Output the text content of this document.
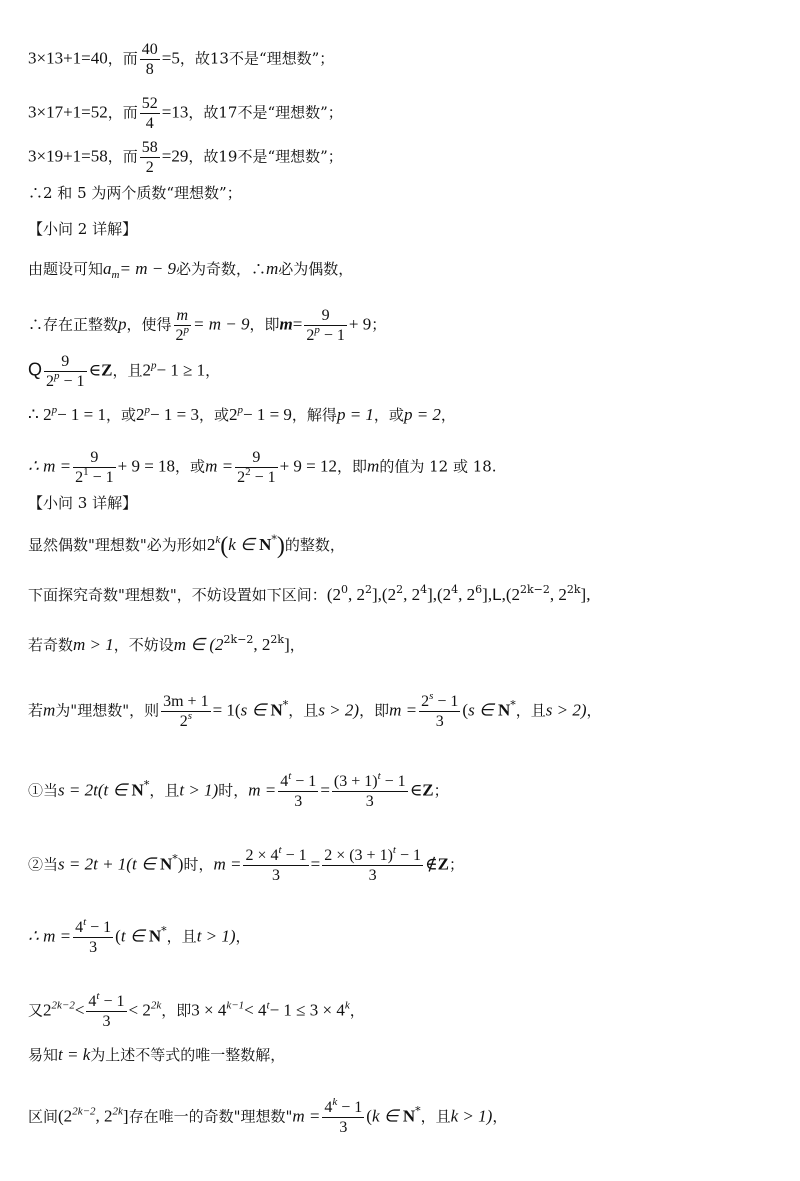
3×13+1=40，而 $\frac{40}{8} =5$，故13不是“理想数”；
3×17+1=52，而 $\frac{52}{4} =13$，故17不是“理想数”；
3×19+1=58，而 $\frac{58}{2} =29$，故19不是“理想数”；
∴2 和 5 为两个质数“理想数”；
【小问 2 详解】
由题设可知$a_m= m - 9$必为奇数，∴m必为偶数，
∴存在正整数p，使得 $\frac{m}{2^p} = m - 9$，即$m= \frac{9}{2^p - 1} + 9$；
Q $\frac{9}{2^p - 1}$ ∈Z，且$2^p- 1 \ge 1$，
∴ $2^p- 1 = 1$，或$2^p- 1 = 3$，或$2^p- 1 = 9$，解得p = 1，或p = 2，
∴ $m = \frac{9}{2^1 - 1} + 9 = 18$，或$m = \frac{9}{2^2 - 1} + 9 = 12$，即m的值为 12 或 18.
【小问 3 详解】
显然偶数"理想数"必为形如2$^k$(k ∈ N*)的整数，
下面探究奇数"理想数"，不妨设置如下区间：($2^0$, $2^2],(2^2$, $2^4],(2^4$, $2^6],L,(2^{2k-2}$, $2^{2k}$],
若奇数m > 1，不妨设m ∈ ($2^{2k-2}$, $2^{2k}$]，
若m为"理想数"，则 $\frac{3m + 1}{2^s} = 1(s$ ∈ N*，且s > 2)，即$m = \frac{2^s - 1}{3} (s$ ∈ N*，且s > 2)，
①当s = 2t(t ∈ N*，且t > 1)时，$m = \frac{4^t - 1}{3} = \frac{(3 + 1)^t - 1}{3}$ ∈Z；
②当s = 2t + 1(t ∈ N*)时，$m = \frac{2 \times 4^t - 1}{3} = \frac{2 \times (3 + 1)^t - 1}{3}$ ∉Z；
∴ $m = \frac{4^t - 1}{3} (t$ ∈ N*，且t > 1)，
又$2^{2k-2}< \frac{4^t - 1}{3} < 2^{2k}$，即$3 \times 4^{k-1}< 4^t- 1 \le 3 \times 4^k$，
易知t = k为上述不等式的唯一整数解，
区间($2^{2k-2}$, $2^{2k}$]存在唯一的奇数"理想数"$m = \frac{4^k - 1}{3} (k$ ∈ N*，且k > 1)，
